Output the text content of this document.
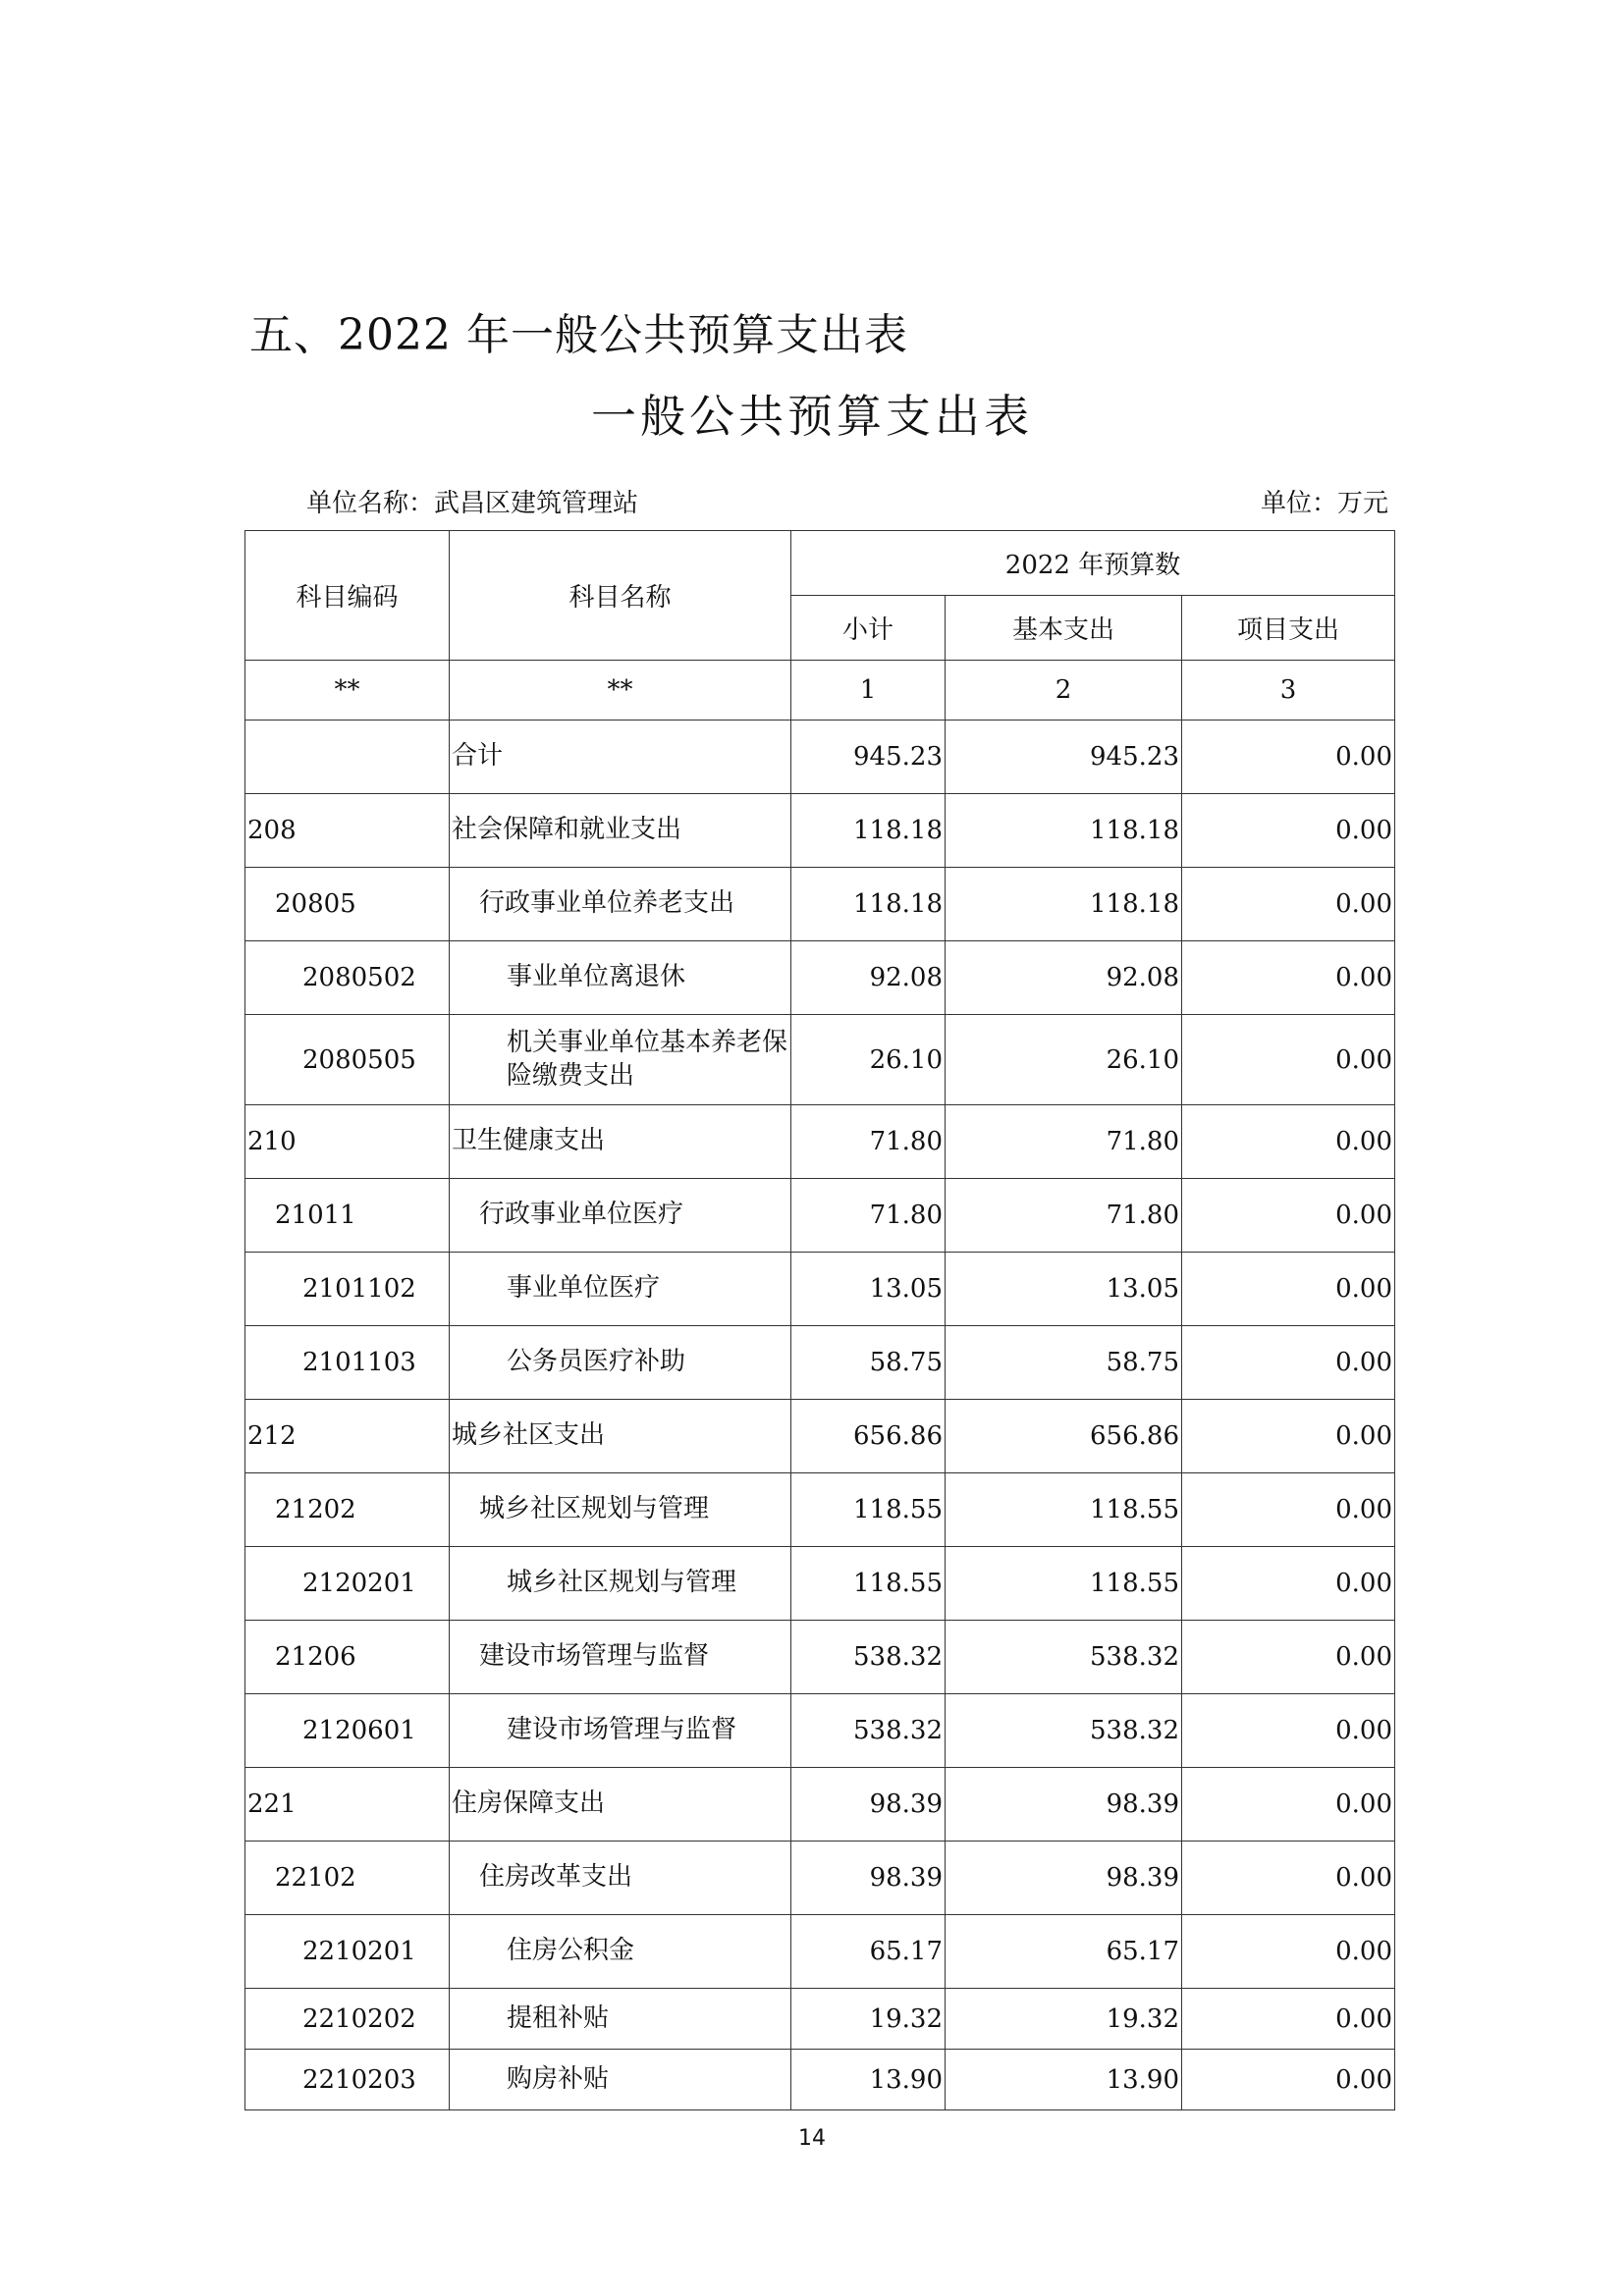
五、2022 年一般公共预算支出表
一般公共预算支出表
单位名称：武昌区建筑管理站	单位：万元
科目编码	科目名称	2022 年预算数		
		小计	基本支出	项目支出
**	**	1	2	3
	合计	945.23	945.23	0.00
208	社会保障和就业支出	118.18	118.18	0.00
20805	行政事业单位养老支出	118.18	118.18	0.00
2080502	事业单位离退休	92.08	92.08	0.00
2080505	机关事业单位基本养老保险缴费支出	26.10	26.10	0.00
210	卫生健康支出	71.80	71.80	0.00
21011	行政事业单位医疗	71.80	71.80	0.00
2101102	事业单位医疗	13.05	13.05	0.00
2101103	公务员医疗补助	58.75	58.75	0.00
212	城乡社区支出	656.86	656.86	0.00
21202	城乡社区规划与管理	118.55	118.55	0.00
2120201	城乡社区规划与管理	118.55	118.55	0.00
21206	建设市场管理与监督	538.32	538.32	0.00
2120601	建设市场管理与监督	538.32	538.32	0.00
221	住房保障支出	98.39	98.39	0.00
22102	住房改革支出	98.39	98.39	0.00
2210201	住房公积金	65.17	65.17	0.00
2210202	提租补贴	19.32	19.32	0.00
2210203	购房补贴	13.90	13.90	0.00
14
